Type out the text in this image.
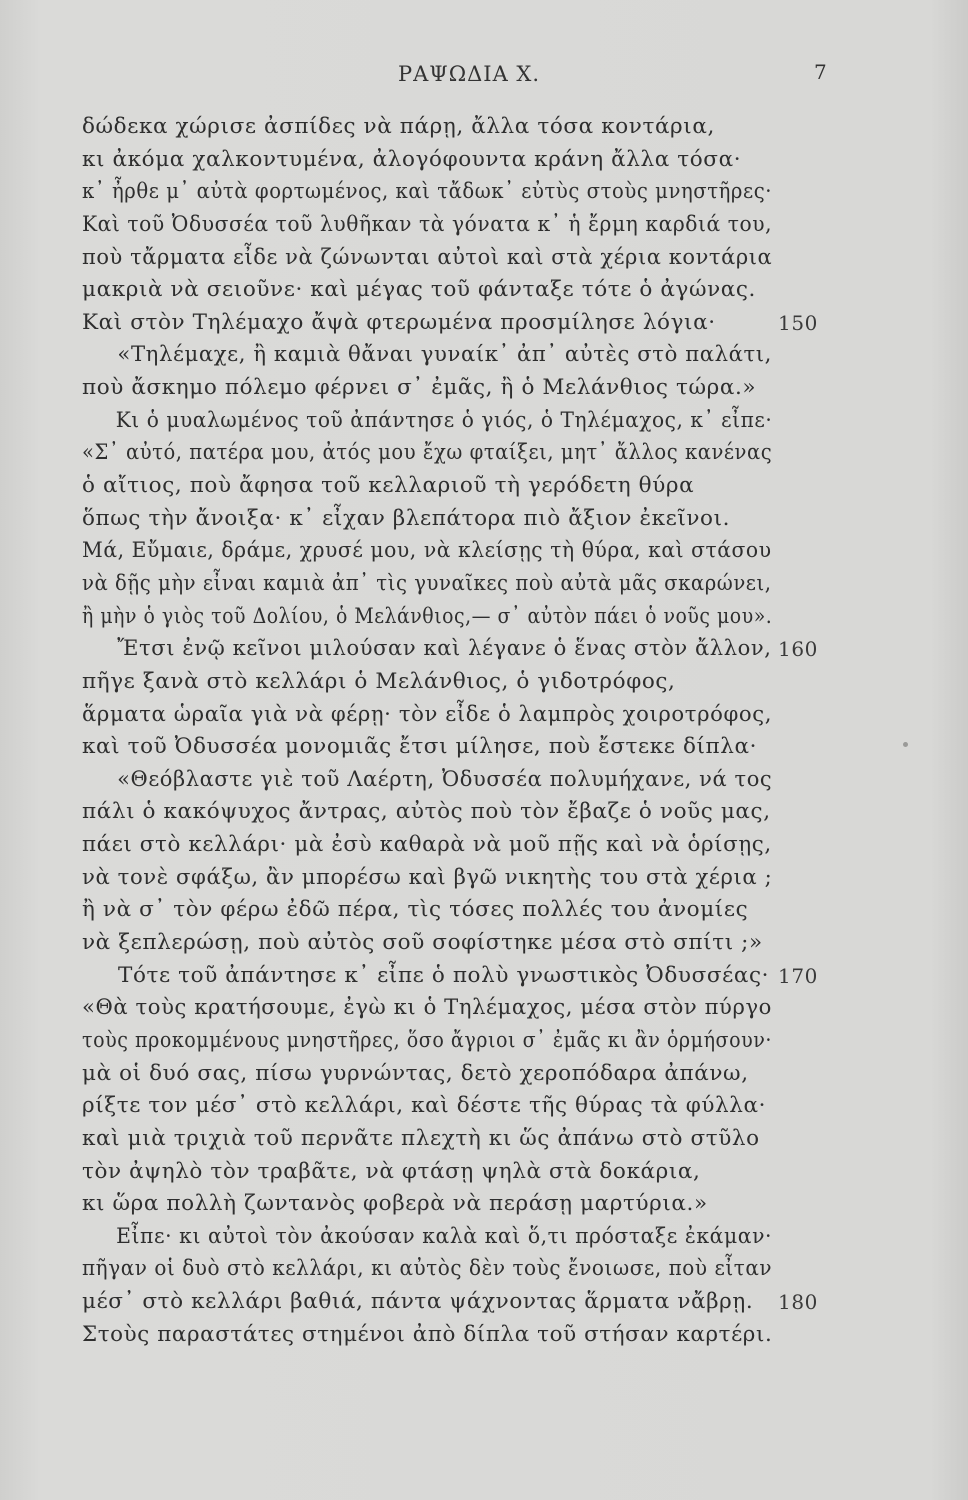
ΡΑΨΩΔΙΑ Χ.	7
δώδεκα χώρισε ἀσπίδες νὰ πάρῃ, ἄλλα τόσα κοντάρια,
κι ἀκόμα χαλκοντυμένα, ἀλογόφουντα κράνη ἄλλα τόσα·
κ᾿ ἦρθε μ᾿ αὐτὰ φορτωμένος, καὶ τἄδωκ᾿ εὐτὺς στοὺς μνηστῆρες·
Καὶ τοῦ Ὀδυσσέα τοῦ λυθῆκαν τὰ γόνατα κ᾿ ἡ ἔρμη καρδιά του,
ποὺ τἄρματα εἶδε νὰ ζώνωνται αὐτοὶ καὶ στὰ χέρια κοντάρια
μακριὰ νὰ σειοῦνε· καὶ μέγας τοῦ φάνταξε τότε ὁ ἀγώνας.
Καὶ στὸν Τηλέμαχο ἄψὰ φτερωμένα προσμίλησε λόγια·	150
«Τηλέμαχε, ἢ καμιὰ θἄναι γυναίκ᾿ ἀπ᾿ αὐτὲς στὸ παλάτι,
ποὺ ἄσκημο πόλεμο φέρνει σ᾿ ἐμᾶς, ἢ ὁ Μελάνθιος τώρα.»
Κι ὁ μυαλωμένος τοῦ ἀπάντησε ὁ γιός, ὁ Τηλέμαχος, κ᾿ εἶπε·
«Σ᾿ αὐτό, πατέρα μου, ἀτός μου ἔχω φταίξει, μητ᾿ ἄλλος κανένας
ὁ αἴτιος, ποὺ ἄφησα τοῦ κελλαριοῦ τὴ γερόδετη θύρα
ὅπως τὴν ἄνοιξα· κ᾿ εἶχαν βλεπάτορα πιὸ ἄξιον ἐκεῖνοι.
Μά, Εὔμαιε, δράμε, χρυσέ μου, νὰ κλείσῃς τὴ θύρα, καὶ στάσου
νὰ δῇς μὴν εἶναι καμιὰ ἀπ᾿ τὶς γυναῖκες ποὺ αὐτὰ μᾶς σκαρώνει,
ἢ μὴν ὁ γιὸς τοῦ Δολίου, ὁ Μελάνθιος,— σ᾿ αὐτὸν πάει ὁ νοῦς μου».
Ἔτσι ἐνῷ κεῖνοι μιλούσαν καὶ λέγανε ὁ ἕνας στὸν ἄλλον, 160
πῆγε ξανὰ στὸ κελλάρι ὁ Μελάνθιος, ὁ γιδοτρόφος,
ἅρματα ὡραῖα γιὰ νὰ φέρῃ· τὸν εἶδε ὁ λαμπρὸς χοιροτρόφος,
καὶ τοῦ Ὀδυσσέα μονομιᾶς ἔτσι μίλησε, ποὺ ἔστεκε δίπλα·
«Θεόβλαστε γιὲ τοῦ Λαέρτη, Ὀδυσσέα πολυμήχανε, νά τος
πάλι ὁ κακόψυχος ἄντρας, αὐτὸς ποὺ τὸν ἔβαζε ὁ νοῦς μας,
πάει στὸ κελλάρι· μὰ ἐσὺ καθαρὰ νὰ μοῦ πῇς καὶ νὰ ὁρίσῃς,
νὰ τονὲ σφάξω, ἂν μπορέσω καὶ βγῶ νικητὴς του στὰ χέρια ;
ἢ νὰ σ᾿ τὸν φέρω ἐδῶ πέρα, τὶς τόσες πολλές του ἀνομίες
νὰ ξεπλερώσῃ, ποὺ αὐτὸς σοῦ σοφίστηκε μέσα στὸ σπίτι ;»
Τότε τοῦ ἀπάντησε κ᾿ εἶπε ὁ πολὺ γνωστικὸς Ὀδυσσέας· 170
«Θὰ τοὺς κρατήσουμε, ἐγὼ κι ὁ Τηλέμαχος, μέσα στὸν πύργο
τοὺς προκομμένους μνηστῆρες, ὅσο ἄγριοι σ᾿ ἐμᾶς κι ἂν ὁρμήσουν·
μὰ οἱ δυό σας, πίσω γυρνώντας, δετὸ χεροπόδαρα ἀπάνω,
ρίξτε τον μέσ᾿ στὸ κελλάρι, καὶ δέστε τῆς θύρας τὰ φύλλα·
καὶ μιὰ τριχιὰ τοῦ περνᾶτε πλεχτὴ κι ὥς ἀπάνω στὸ στῦλο
τὸν ἀψηλὸ τὸν τραβᾶτε, νὰ φτάσῃ ψηλὰ στὰ δοκάρια,
κι ὥρα πολλὴ ζωντανὸς φοβερὰ νὰ περάσῃ μαρτύρια.»
Εἶπε· κι αὐτοὶ τὸν ἀκούσαν καλὰ καὶ ὅ,τι πρόσταξε ἐκάμαν·
πῆγαν οἱ δυὸ στὸ κελλάρι, κι αὐτὸς δὲν τοὺς ἔνοιωσε, ποὺ εἶταν
μέσ᾿ στὸ κελλάρι βαθιά, πάντα ψάχνοντας ἅρματα νἄβρῃ. 180
Στοὺς παραστάτες στημένοι ἀπὸ δίπλα τοῦ στήσαν καρτέρι.
